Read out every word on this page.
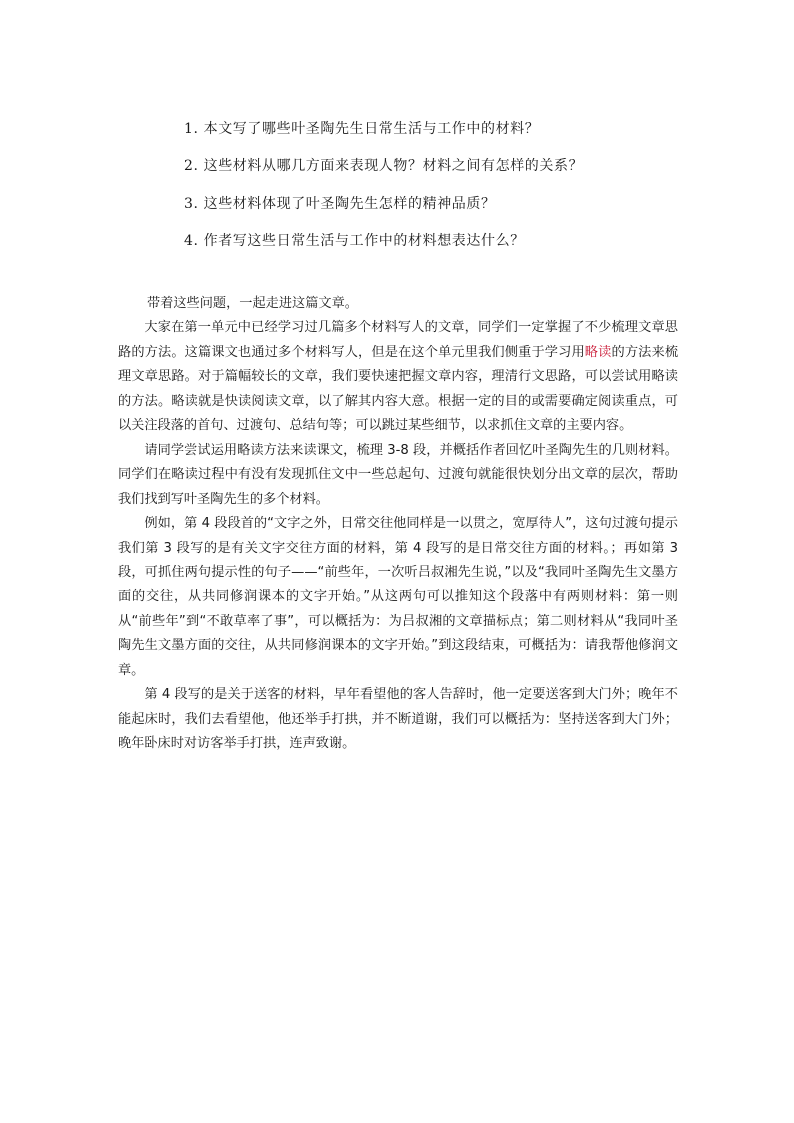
1. 本文写了哪些叶圣陶先生日常生活与工作中的材料？

2. 这些材料从哪几方面来表现人物？材料之间有怎样的关系？

3. 这些材料体现了叶圣陶先生怎样的精神品质？

4. 作者写这些日常生活与工作中的材料想表达什么？

带着这些问题，一起走进这篇文章。

大家在第一单元中已经学习过几篇多个材料写人的文章，同学们一定掌握了不少梳理文章思路的方法。这篇课文也通过多个材料写人，但是在这个单元里我们侧重于学习用略读的方法来梳理文章思路。对于篇幅较长的文章，我们要快速把握文章内容，理清行文思路，可以尝试用略读的方法。略读就是快读阅读文章，以了解其内容大意。根据一定的目的或需要确定阅读重点，可以关注段落的首句、过渡句、总结句等；可以跳过某些细节，以求抓住文章的主要内容。

请同学尝试运用略读方法来读课文，梳理 3-8 段，并概括作者回忆叶圣陶先生的几则材料。同学们在略读过程中有没有发现抓住文中一些总起句、过渡句就能很快划分出文章的层次，帮助我们找到写叶圣陶先生的多个材料。

例如，第 4 段段首的“文字之外，日常交往他同样是一以贯之，宽厚待人”，这句过渡句提示我们第 3 段写的是有关文字交往方面的材料，第 4 段写的是日常交往方面的材料。；再如第 3 段，可抓住两句提示性的句子——“前些年，一次听吕叔湘先生说，”以及“我同叶圣陶先生文墨方面的交往，从共同修润课本的文字开始。”从这两句可以推知这个段落中有两则材料：第一则从“前些年”到“不敢草率了事”，可以概括为：为吕叔湘的文章描标点；第二则材料从“我同叶圣陶先生文墨方面的交往，从共同修润课本的文字开始。”到这段结束，可概括为：请我帮他修润文章。

第 4 段写的是关于送客的材料，早年看望他的客人告辞时，他一定要送客到大门外；晚年不能起床时，我们去看望他，他还举手打拱，并不断道谢，我们可以概括为：坚持送客到大门外；晚年卧床时对访客举手打拱，连声致谢。
